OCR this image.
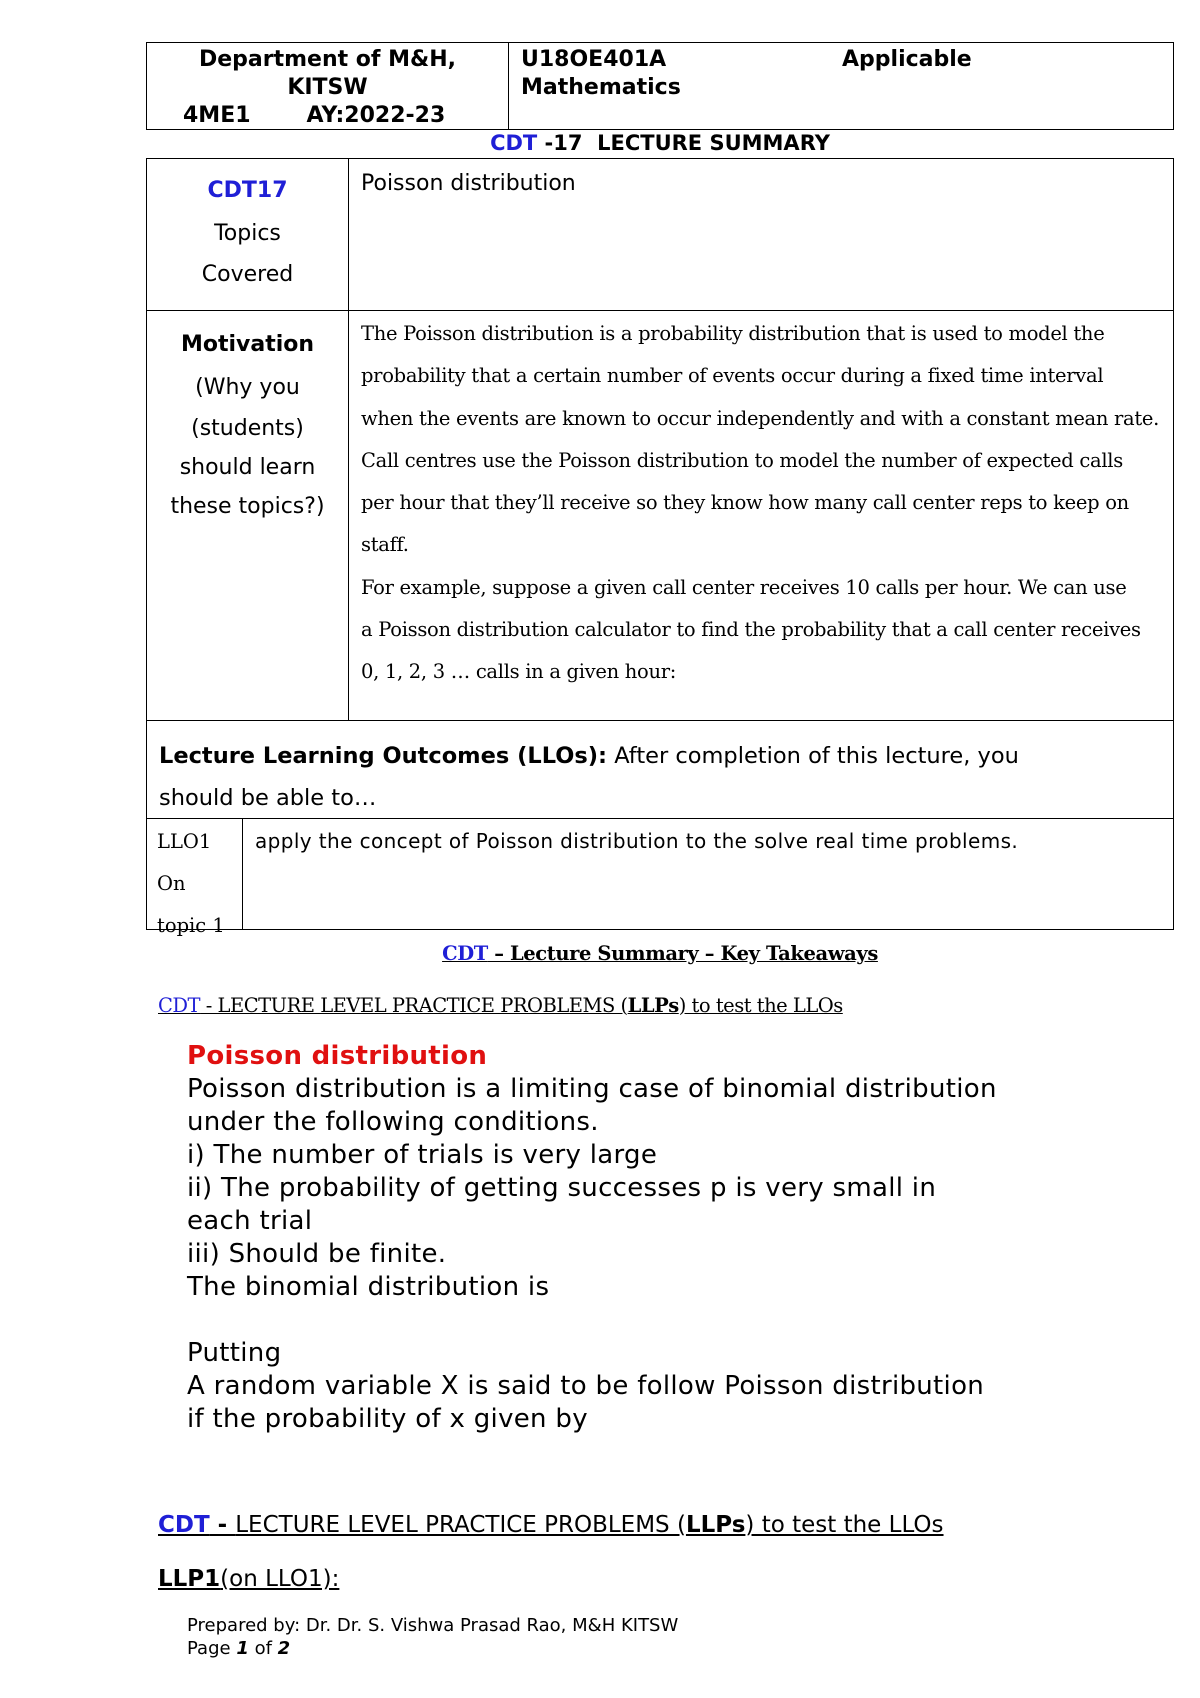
Department of M&H,
KITSW
4ME1	AY:2022-23
U18OE401A
Mathematics
Applicable
CDT -17  LECTURE SUMMARY
CDT17
Topics
Covered
Poisson distribution
Motivation
(Why you
(students)
should learn
these topics?)
The Poisson distribution is a probability distribution that is used to model the
probability that a certain number of events occur during a fixed time interval
when the events are known to occur independently and with a constant mean rate.
Call centres use the Poisson distribution to model the number of expected calls
per hour that they’ll receive so they know how many call center reps to keep on
staff.
For example, suppose a given call center receives 10 calls per hour. We can use
a Poisson distribution calculator to find the probability that a call center receives
0, 1, 2, 3 … calls in a given hour:
Lecture Learning Outcomes (LLOs): After completion of this lecture, you
should be able to…
LLO1
On
topic 1
apply the concept of Poisson distribution to the solve real time problems.
CDT – Lecture Summary – Key Takeaways
CDT - LECTURE LEVEL PRACTICE PROBLEMS (LLPs) to test the LLOs
Poisson distribution
Poisson distribution is a limiting case of binomial distribution
under the following conditions.
i) The number of trials is very large
ii) The probability of getting successes p is very small in
each trial
iii) Should be finite.
The binomial distribution is
Putting
A random variable X is said to be follow Poisson distribution
if the probability of x given by
CDT - LECTURE LEVEL PRACTICE PROBLEMS (LLPs) to test the LLOs
LLP1(on LLO1):
Prepared by: Dr. Dr. S. Vishwa Prasad Rao, M&H KITSW
Page 1 of 2
